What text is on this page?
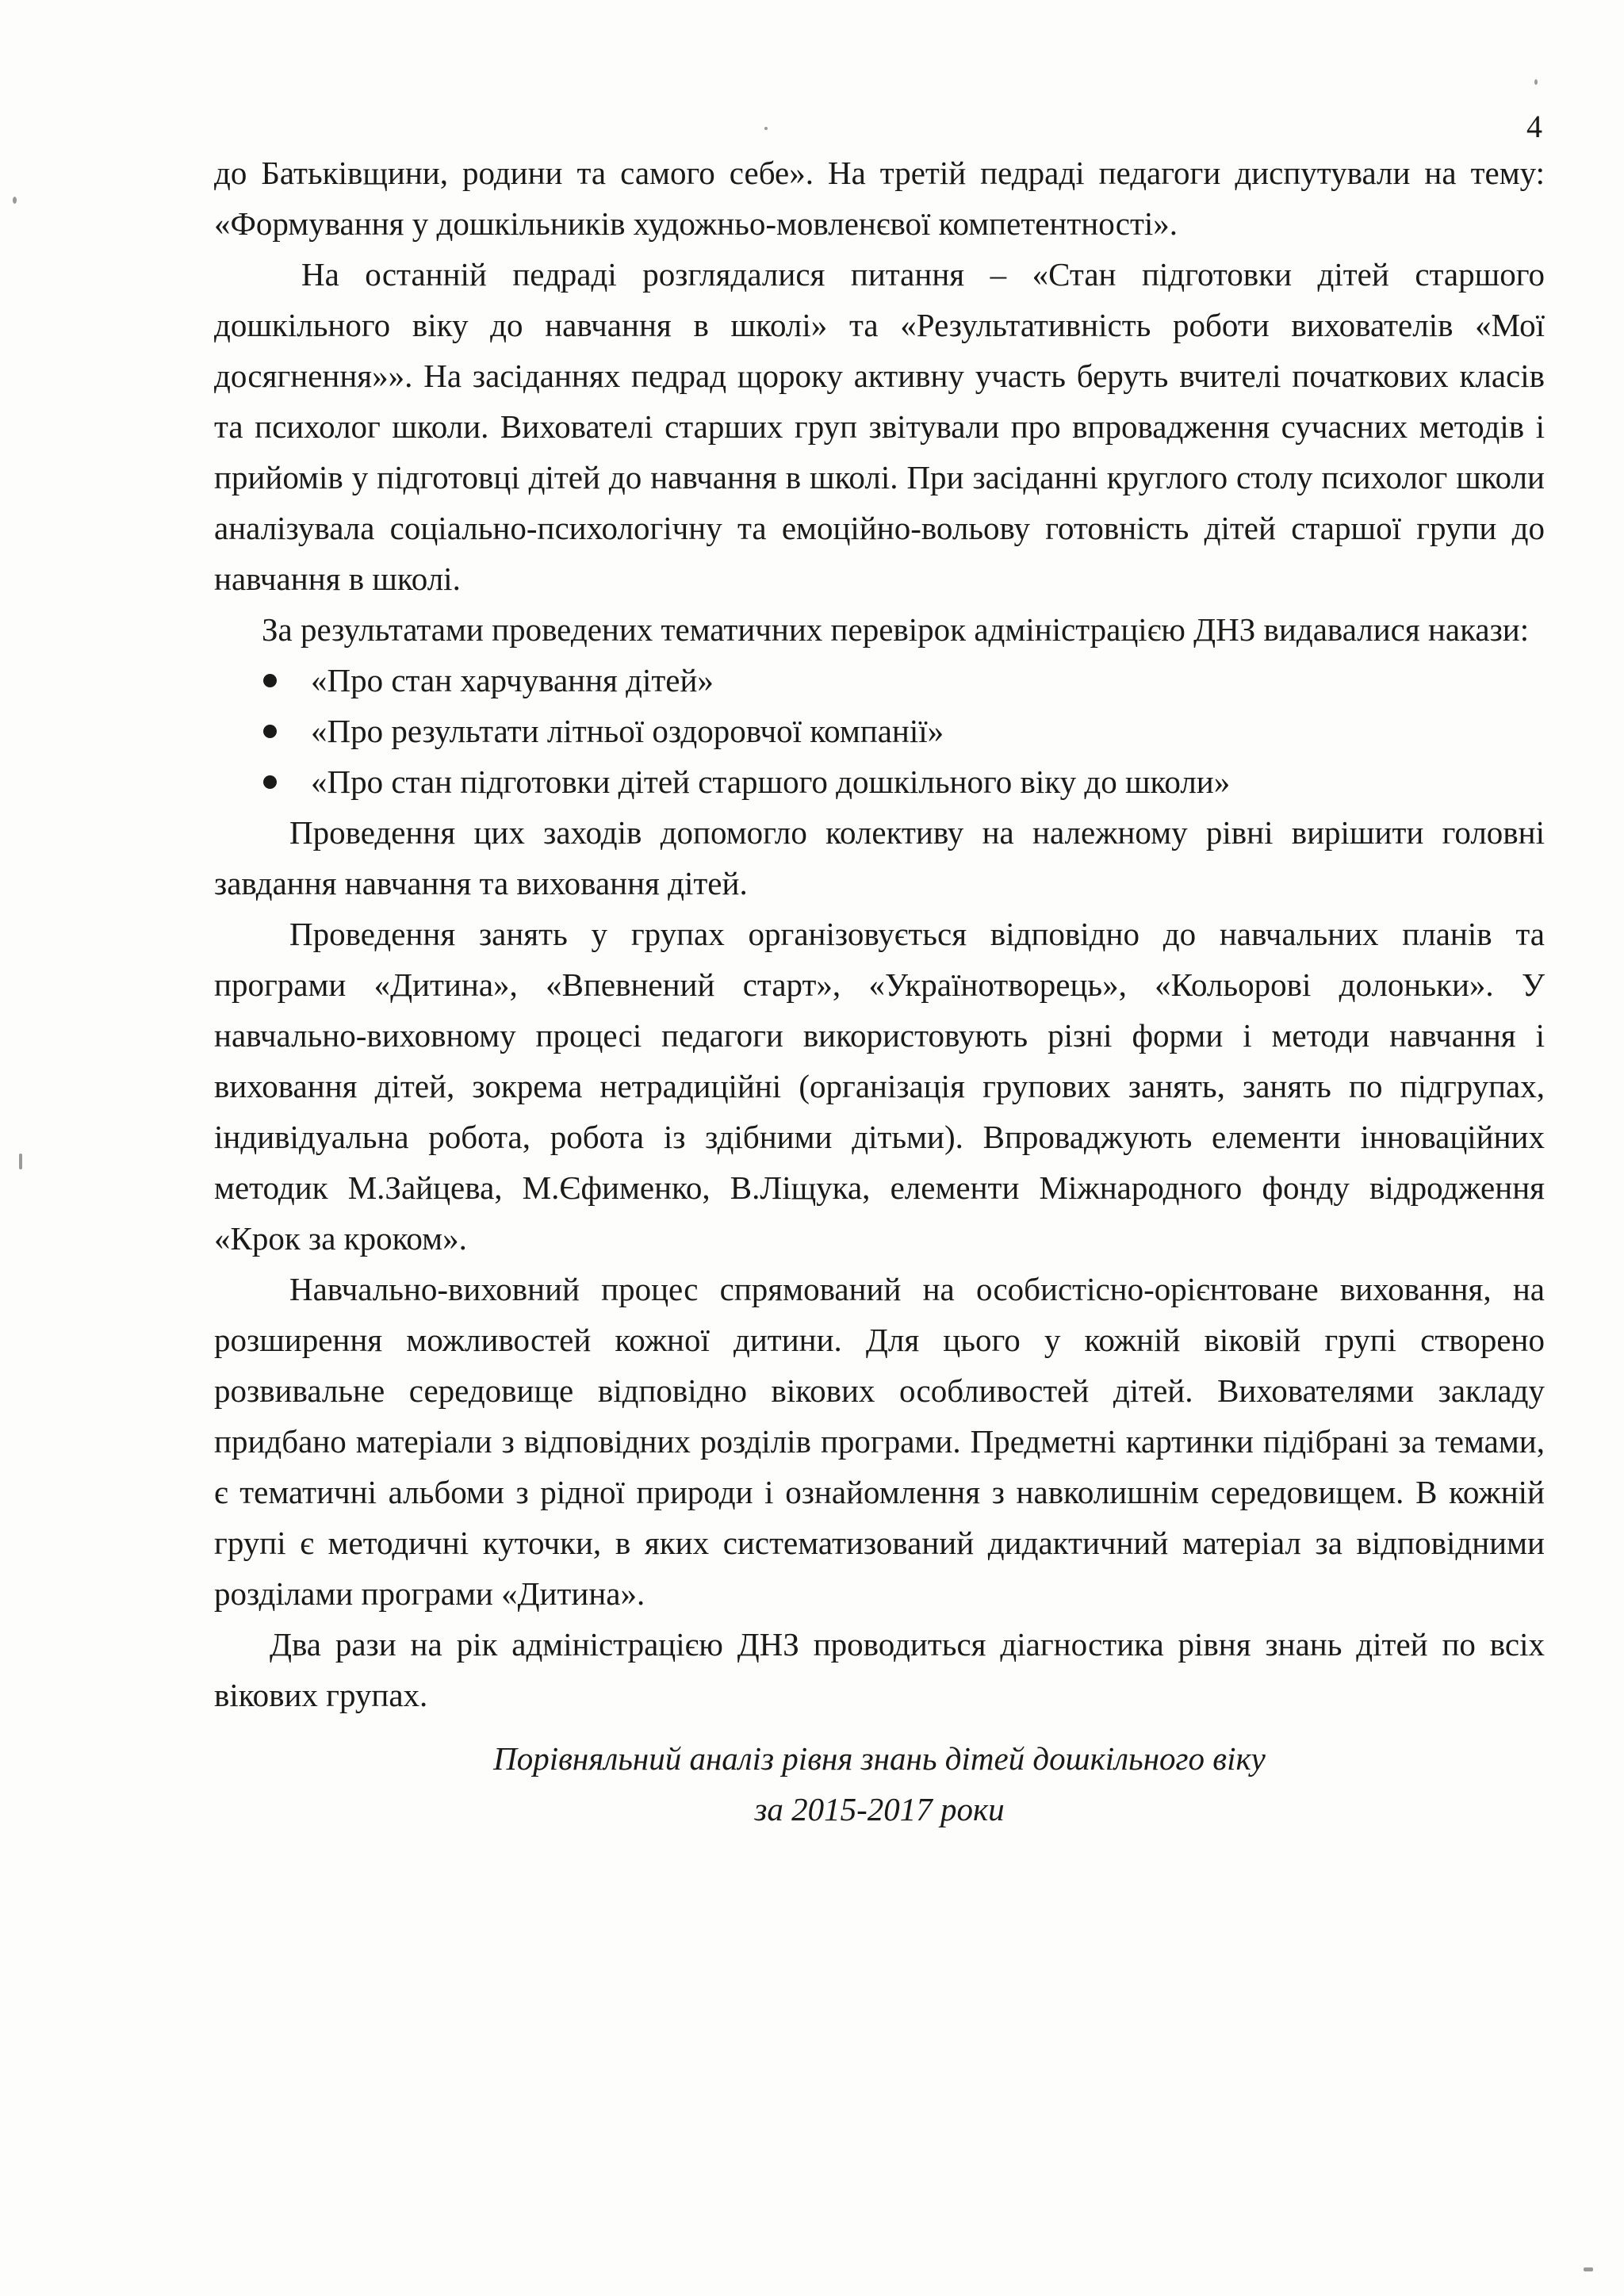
4

до Батьківщини, родини та самого себе». На третій педраді педагоги диспутували на тему: «Формування у дошкільників художньо-мовленєвої компетентності».

На останній педраді розглядалися питання – «Стан підготовки дітей старшого дошкільного віку до навчання в школі» та «Результативність роботи вихователів «Мої досягнення»». На засіданнях педрад щороку активну участь беруть вчителі початкових класів та психолог школи. Вихователі старших груп звітували про впровадження сучасних методів і прийомів у підготовці дітей до навчання в школі. При засіданні круглого столу психолог школи аналізувала соціально-психологічну та емоційно-вольову готовність дітей старшої групи до навчання в школі.

За результатами проведених тематичних перевірок адміністрацією ДНЗ видавалися накази:

«Про стан харчування дітей»
«Про результати літньої оздоровчої компанії»
«Про стан підготовки дітей старшого дошкільного віку до школи»

Проведення цих заходів допомогло колективу на належному рівні вирішити головні завдання навчання та виховання дітей.

Проведення занять у групах організовується відповідно до навчальних планів та програми «Дитина», «Впевнений старт», «Українотворець», «Кольорові долоньки». У навчально-виховному процесі педагоги використовують різні форми і методи навчання і виховання дітей, зокрема нетрадиційні (організація групових занять, занять по підгрупах, індивідуальна робота, робота із здібними дітьми). Впроваджують елементи інноваційних методик М.Зайцева, М.Єфименко, В.Ліщука, елементи Міжнародного фонду відродження «Крок за кроком».

Навчально-виховний процес спрямований на особистісно-орієнтоване виховання, на розширення можливостей кожної дитини. Для цього у кожній віковій групі створено розвивальне середовище відповідно вікових особливостей дітей. Вихователями закладу придбано матеріали з відповідних розділів програми. Предметні картинки підібрані за темами, є тематичні альбоми з рідної природи і ознайомлення з навколишнім середовищем. В кожній групі є методичні куточки, в яких систематизований дидактичний матеріал за відповідними розділами програми «Дитина».

Два рази на рік адміністрацією ДНЗ проводиться діагностика рівня знань дітей по всіх вікових групах.

Порівняльний аналіз рівня знань дітей дошкільного віку
за 2015-2017 роки
